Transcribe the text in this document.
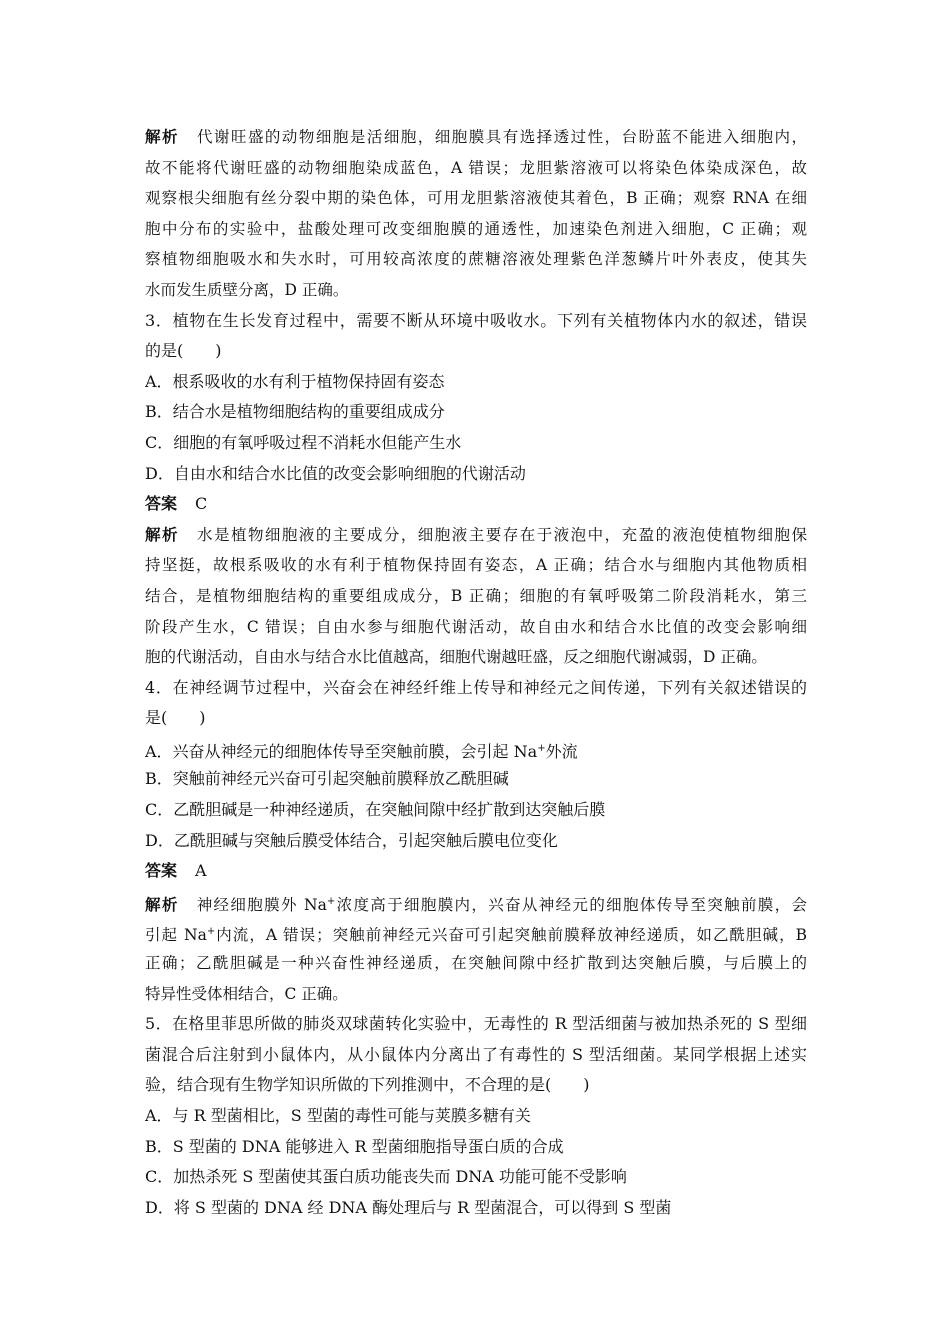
解析 代谢旺盛的动物细胞是活细胞，细胞膜具有选择透过性，台盼蓝不能进入细胞内，
故不能将代谢旺盛的动物细胞染成蓝色，A 错误；龙胆紫溶液可以将染色体染成深色，故
观察根尖细胞有丝分裂中期的染色体，可用龙胆紫溶液使其着色，B 正确；观察 RNA 在细
胞中分布的实验中，盐酸处理可改变细胞膜的通透性，加速染色剂进入细胞，C 正确；观
察植物细胞吸水和失水时，可用较高浓度的蔗糖溶液处理紫色洋葱鳞片叶外表皮，使其失
水而发生质壁分离，D 正确。
3．植物在生长发育过程中，需要不断从环境中吸收水。下列有关植物体内水的叙述，错误
的是(　　)
A．根系吸收的水有利于植物保持固有姿态
B．结合水是植物细胞结构的重要组成成分
C．细胞的有氧呼吸过程不消耗水但能产生水
D．自由水和结合水比值的改变会影响细胞的代谢活动
答案 C
解析 水是植物细胞液的主要成分，细胞液主要存在于液泡中，充盈的液泡使植物细胞保
持坚挺，故根系吸收的水有利于植物保持固有姿态，A 正确；结合水与细胞内其他物质相
结合，是植物细胞结构的重要组成成分，B 正确；细胞的有氧呼吸第二阶段消耗水，第三
阶段产生水，C 错误；自由水参与细胞代谢活动，故自由水和结合水比值的改变会影响细
胞的代谢活动，自由水与结合水比值越高，细胞代谢越旺盛，反之细胞代谢减弱，D 正确。
4．在神经调节过程中，兴奋会在神经纤维上传导和神经元之间传递，下列有关叙述错误的
是(　　)
A．兴奋从神经元的细胞体传导至突触前膜，会引起 Na+外流
B．突触前神经元兴奋可引起突触前膜释放乙酰胆碱
C．乙酰胆碱是一种神经递质，在突触间隙中经扩散到达突触后膜
D．乙酰胆碱与突触后膜受体结合，引起突触后膜电位变化
答案 A
解析 神经细胞膜外 Na+浓度高于细胞膜内，兴奋从神经元的细胞体传导至突触前膜，会
引起 Na+内流，A 错误；突触前神经元兴奋可引起突触前膜释放神经递质，如乙酰胆碱，B
正确；乙酰胆碱是一种兴奋性神经递质，在突触间隙中经扩散到达突触后膜，与后膜上的
特异性受体相结合，C 正确。
5．在格里菲思所做的肺炎双球菌转化实验中，无毒性的 R 型活细菌与被加热杀死的 S 型细
菌混合后注射到小鼠体内，从小鼠体内分离出了有毒性的 S 型活细菌。某同学根据上述实
验，结合现有生物学知识所做的下列推测中，不合理的是(　　)
A．与 R 型菌相比，S 型菌的毒性可能与荚膜多糖有关
B．S 型菌的 DNA 能够进入 R 型菌细胞指导蛋白质的合成
C．加热杀死 S 型菌使其蛋白质功能丧失而 DNA 功能可能不受影响
D．将 S 型菌的 DNA 经 DNA 酶处理后与 R 型菌混合，可以得到 S 型菌
